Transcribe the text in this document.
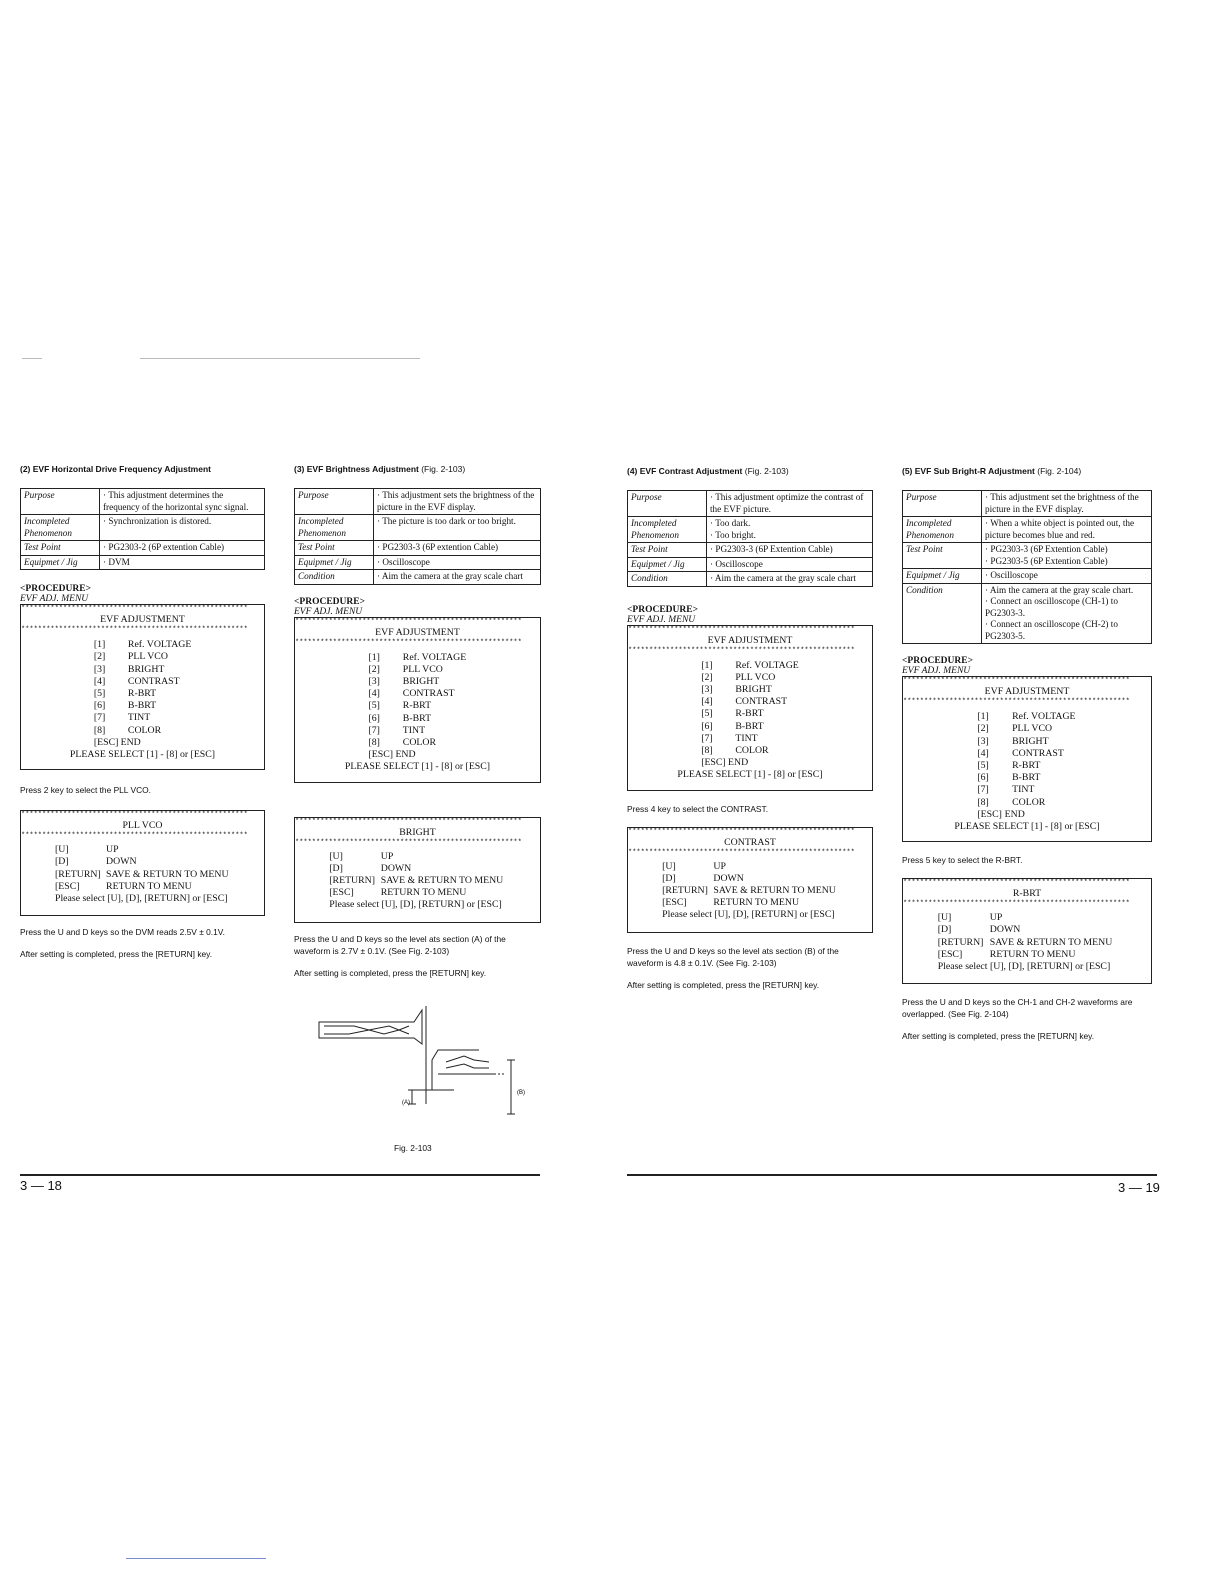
(2) EVF Horizontal Drive Frequency Adjustment

Purpose	· This adjustment determines the frequency of the horizontal sync signal.
Incompleted Phenomenon	· Synchronization is distored.
Test Point	· PG2303-2 (6P extention Cable)
Equipmet / Jig	· DVM

<PROCEDURE>

EVF ADJ. MENU

******************************************************
EVF ADJUSTMENT
******************************************************
[1] Ref. VOLTAGE
[2] PLL VCO
[3] BRIGHT
[4] CONTRAST
[5] R-BRT
[6] B-BRT
[7] TINT
[8] COLOR
[ESC] END
PLEASE SELECT [1] - [8] or [ESC]

Press 2 key to select the PLL VCO.

******************************************************
PLL VCO
******************************************************
[U]	UP
[D]	DOWN
[RETURN] SAVE & RETURN TO MENU
[ESC]	RETURN TO MENU
Please select [U], [D], [RETURN] or [ESC]

Press the U and D keys so the DVM reads 2.5V ± 0.1V.

After setting is completed, press the [RETURN] key.

(3) EVF Brightness Adjustment (Fig. 2-103)

Purpose	· This adjustment sets the brightness of the picture in the EVF display.
Incompleted Phenomenon	· The picture is too dark or too bright.
Test Point	· PG2303-3 (6P extention Cable)
Equipmet / Jig	· Oscilloscope
Condition	· Aim the camera at the gray scale chart

<PROCEDURE>

EVF ADJ. MENU

******************************************************
EVF ADJUSTMENT
******************************************************
[1] Ref. VOLTAGE
[2] PLL VCO
[3] BRIGHT
[4] CONTRAST
[5] R-BRT
[6] B-BRT
[7] TINT
[8] COLOR
[ESC] END
PLEASE SELECT [1] - [8] or [ESC]
******************************************************
BRIGHT
******************************************************
[U]	UP
[D]	DOWN
[RETURN] SAVE & RETURN TO MENU
[ESC]	RETURN TO MENU
Please select [U], [D], [RETURN] or [ESC]

Press the U and D keys so the level ats section (A) of the waveform is 2.7V ± 0.1V. (See Fig. 2-103)

After setting is completed, press the [RETURN] key.

(A)
(B)

Fig. 2-103

(4) EVF Contrast Adjustment (Fig. 2-103)

Purpose	· This adjustment optimize the contrast of the EVF picture.
Incompleted Phenomenon	· Too dark.
· Too bright.
Test Point	· PG2303-3 (6P Extention Cable)
Equipmet / Jig	· Oscilloscope
Condition	· Aim the camera at the gray scale chart

<PROCEDURE>

EVF ADJ. MENU

******************************************************
EVF ADJUSTMENT
******************************************************
[1] Ref. VOLTAGE
[2] PLL VCO
[3] BRIGHT
[4] CONTRAST
[5] R-BRT
[6] B-BRT
[7] TINT
[8] COLOR
[ESC] END
PLEASE SELECT [1] - [8] or [ESC]

Press 4 key to select the CONTRAST.

******************************************************
CONTRAST
******************************************************
[U]	UP
[D]	DOWN
[RETURN] SAVE & RETURN TO MENU
[ESC]	RETURN TO MENU
Please select [U], [D], [RETURN] or [ESC]

Press the U and D keys so the level ats section (B) of the waveform is 4.8 ± 0.1V. (See Fig. 2-103)

After setting is completed, press the [RETURN] key.

(5) EVF Sub Bright-R Adjustment (Fig. 2-104)

Purpose	· This adjustment set the brightness of the picture in the EVF display.
Incompleted Phenomenon	· When a white object is pointed out, the picture becomes blue and red.
Test Point	· PG2303-3 (6P Extention Cable)
· PG2303-5 (6P Extention Cable)
Equipmet / Jig	· Oscilloscope
Condition	· Aim the camera at the gray scale chart.
· Connect an oscilloscope (CH-1) to PG2303-3.
· Connect an oscilloscope (CH-2) to PG2303-5.

<PROCEDURE>

EVF ADJ. MENU

******************************************************
EVF ADJUSTMENT
******************************************************
[1] Ref. VOLTAGE
[2] PLL VCO
[3] BRIGHT
[4] CONTRAST
[5] R-BRT
[6] B-BRT
[7] TINT
[8] COLOR
[ESC] END
PLEASE SELECT [1] - [8] or [ESC]

Press 5 key to select the R-BRT.

******************************************************
R-BRT
******************************************************
[U]	UP
[D]	DOWN
[RETURN] SAVE & RETURN TO MENU
[ESC]	RETURN TO MENU
Please select [U], [D], [RETURN] or [ESC]

Press the U and D keys so the CH-1 and CH-2 waveforms are overlapped. (See Fig. 2-104)

After setting is completed, press the [RETURN] key.

3 — 18	3 — 19
